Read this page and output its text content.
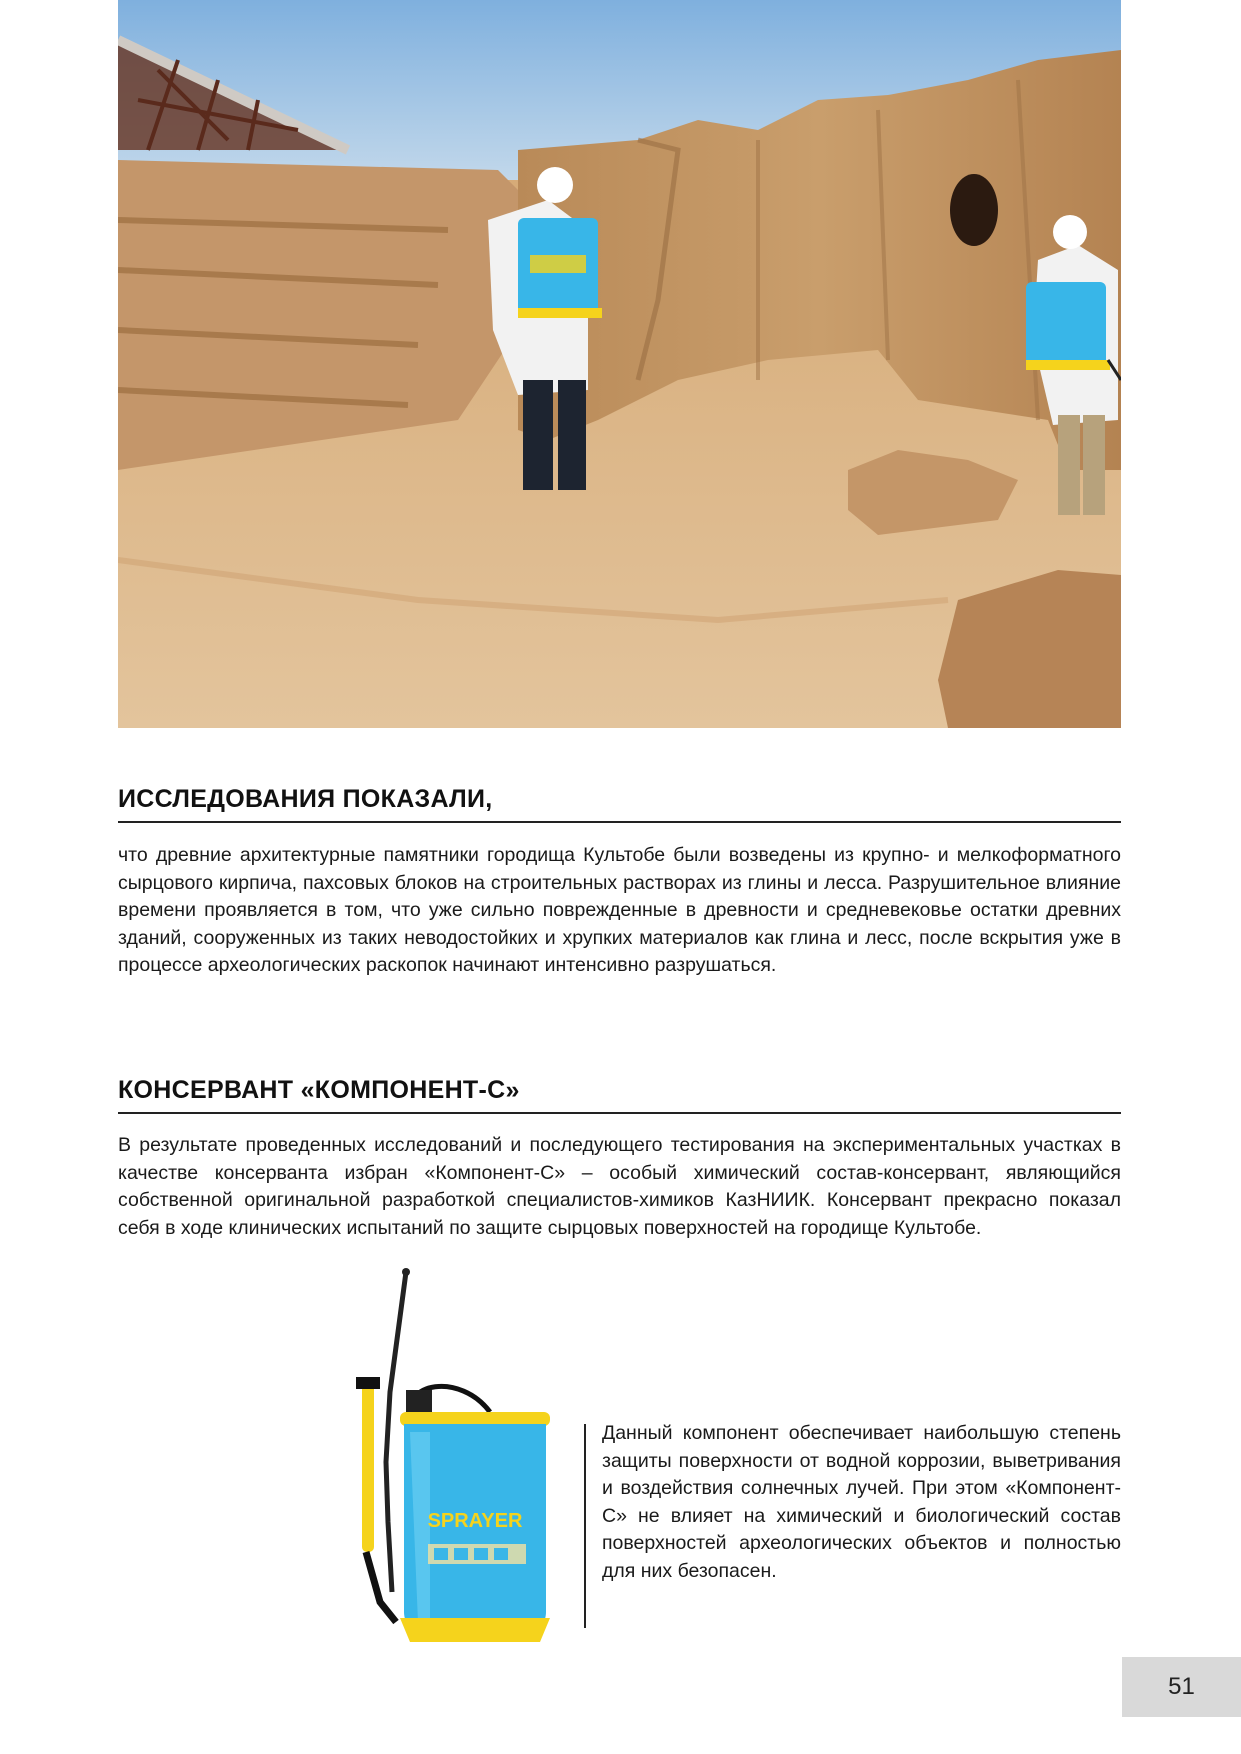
ИССЛЕДОВАНИЯ ПОКАЗАЛИ,

что древние архитектурные памятники городища Культобе были возведены из крупно- и мелкоформатного сырцового кирпича, пахсовых блоков на строительных растворах из глины и лесса. Разрушительное влияние времени проявляется в том, что уже сильно поврежденные в древности и средневековье остатки древних зданий, сооруженных из таких неводостойких и хрупких материалов как глина и лесс, после вскрытия уже в процессе археологических раскопок начинают интенсивно разрушаться.

КОНСЕРВАНТ «КОМПОНЕНТ-С»

В результате проведенных исследований и последующего тестирования на экспериментальных участках в качестве консерванта избран «Компонент-С» – особый химический состав-консервант, являющийся собственной оригинальной разработкой специалистов-химиков КазНИИК. Консервант прекрасно показал себя в ходе клинических испытаний по защите сырцовых поверхностей на городище Культобе.

SPRAYER

Данный компонент обеспечивает наибольшую степень защиты поверхности от водной коррозии, выветривания и воздействия солнечных лучей. При этом «Компонент-С» не влияет на химический и биологический состав поверхностей археологических объектов и полностью для них безопасен.

51
